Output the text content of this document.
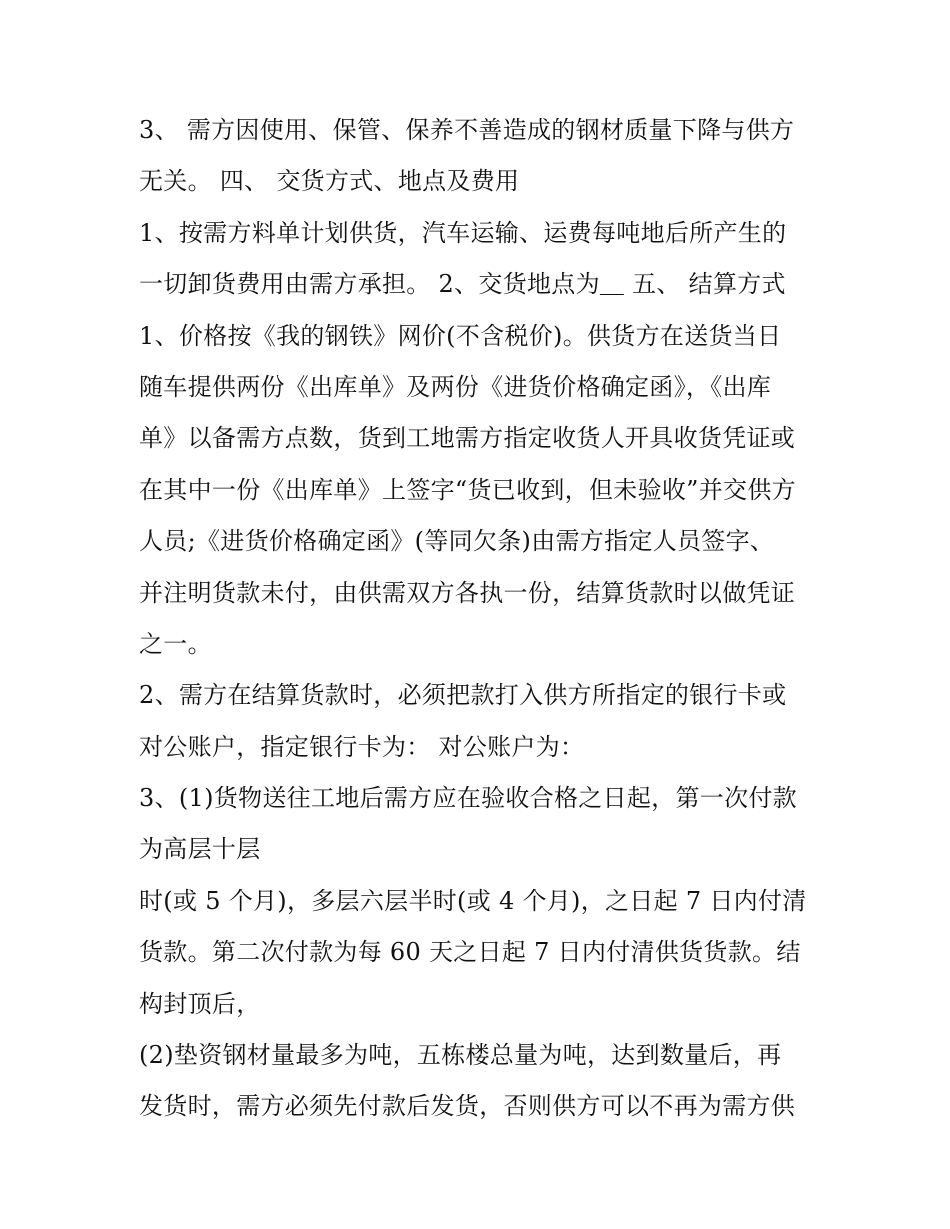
3、 需方因使用、保管、保养不善造成的钢材质量下降与供方
无关。 四、 交货方式、地点及费用
1、按需方料单计划供货，汽车运输、运费每吨地后所产生的
一切卸货费用由需方承担。 2、交货地点为＿ 五、 结算方式
1、价格按《我的钢铁》网价(不含税价)。供货方在送货当日
随车提供两份《出库单》及两份《进货价格确定函》，《出库
单》以备需方点数，货到工地需方指定收货人开具收货凭证或
在其中一份《出库单》上签字“货已收到，但未验收”并交供方
人员;《进货价格确定函》(等同欠条)由需方指定人员签字、
并注明货款未付，由供需双方各执一份，结算货款时以做凭证
之一。
2、需方在结算货款时，必须把款打入供方所指定的银行卡或
对公账户，指定银行卡为： 对公账户为：
3、(1)货物送往工地后需方应在验收合格之日起，第一次付款
为高层十层
时(或 5 个月)，多层六层半时(或 4 个月)，之日起 7 日内付清
货款。第二次付款为每 60 天之日起 7 日内付清供货货款。结
构封顶后，
(2)垫资钢材量最多为吨，五栋楼总量为吨，达到数量后，再
发货时，需方必须先付款后发货，否则供方可以不再为需方供
